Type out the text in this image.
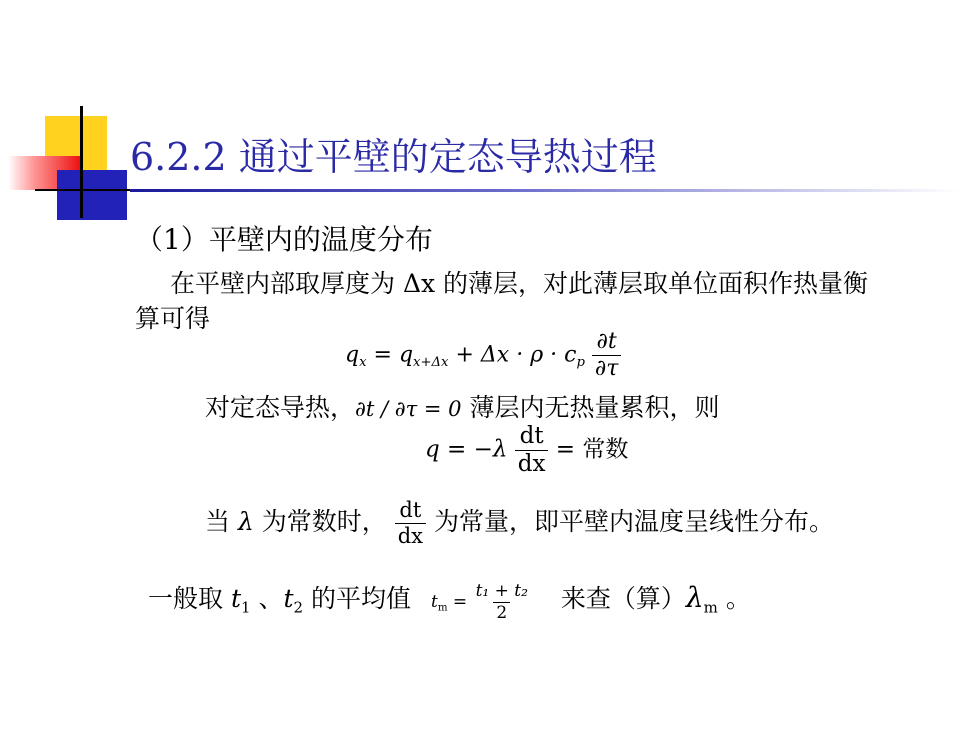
6.2.2 通过平壁的定态导热过程
（1）平壁内的温度分布
在平壁内部取厚度为 Δx 的薄层，对此薄层取单位面积作热量衡
算可得
$q_x = q_{x+\Delta x} + \Delta x \cdot \rho \cdot c_p \frac{\partial t}{\partial\tau}$
对定态导热，∂t / ∂τ = 0 薄层内无热量累积，则
$q = -\lambda \frac{dt}{dx}$ = 常数
当 λ 为常数时， $\frac{dt}{dx}$ 为常量，即平壁内温度呈线性分布。
一般取 $t_1$ 、$t_2$ 的平均值 $t_m = \frac{\text{t₁ + t₂}}{2}$ 来查（算）$\lambda_m$ 。
